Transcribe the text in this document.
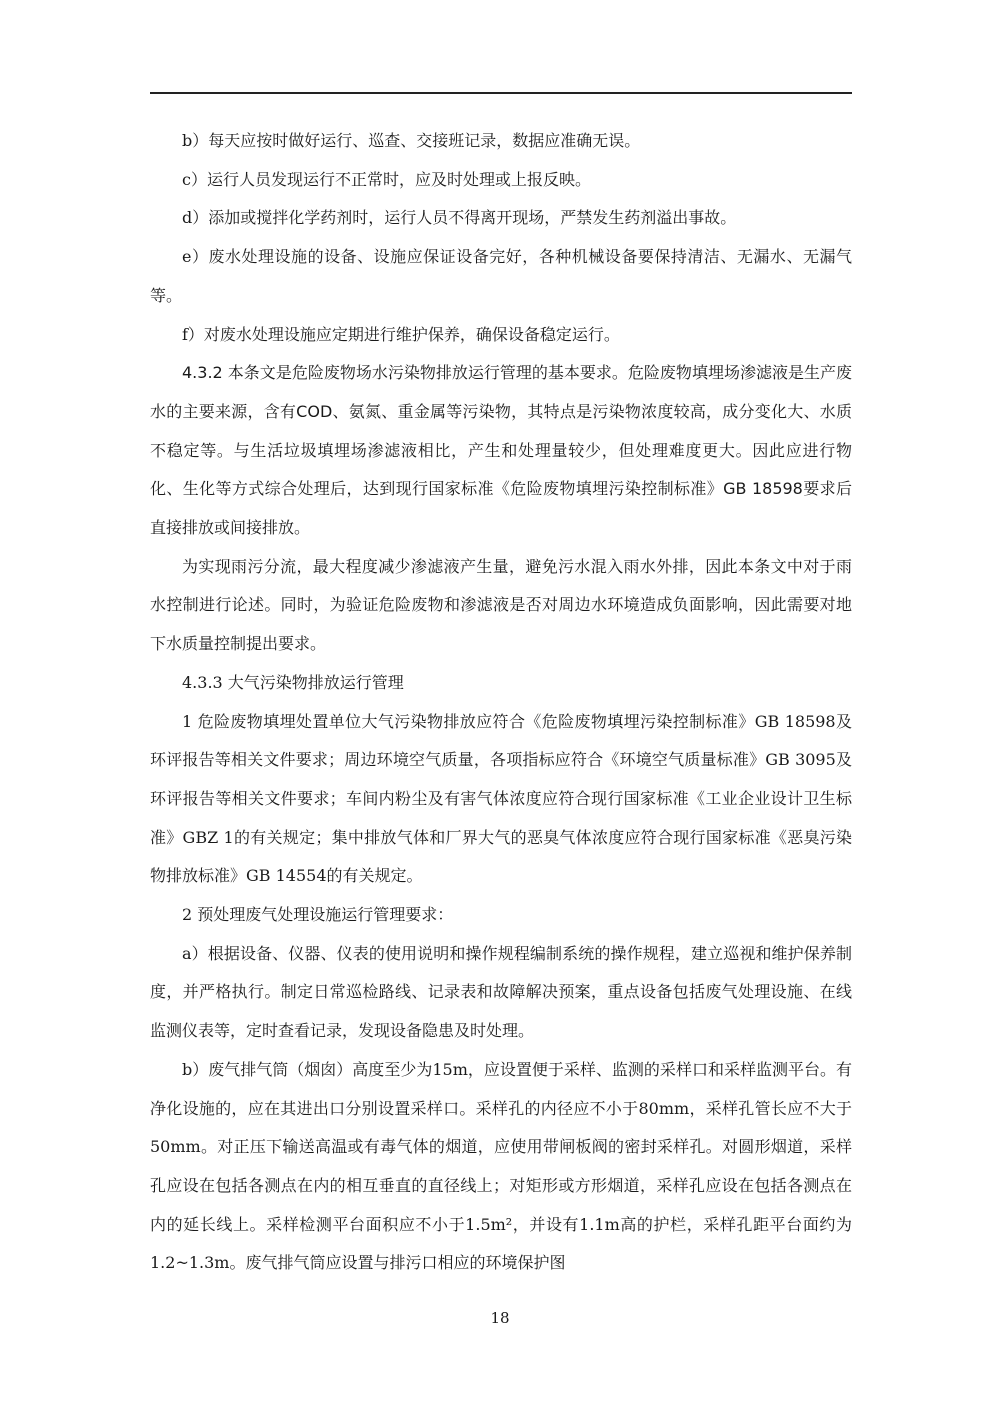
b）每天应按时做好运行、巡查、交接班记录，数据应准确无误。

c）运行人员发现运行不正常时，应及时处理或上报反映。

d）添加或搅拌化学药剂时，运行人员不得离开现场，严禁发生药剂溢出事故。

e）废水处理设施的设备、设施应保证设备完好，各种机械设备要保持清洁、无漏水、无漏气等。

f）对废水处理设施应定期进行维护保养，确保设备稳定运行。

4.3.2 本条文是危险废物场水污染物排放运行管理的基本要求。危险废物填埋场渗滤液是生产废水的主要来源，含有COD、氨氮、重金属等污染物，其特点是污染物浓度较高，成分变化大、水质不稳定等。与生活垃圾填埋场渗滤液相比，产生和处理量较少，但处理难度更大。因此应进行物化、生化等方式综合处理后，达到现行国家标准《危险废物填埋污染控制标准》GB 18598要求后直接排放或间接排放。

为实现雨污分流，最大程度减少渗滤液产生量，避免污水混入雨水外排，因此本条文中对于雨水控制进行论述。同时，为验证危险废物和渗滤液是否对周边水环境造成负面影响，因此需要对地下水质量控制提出要求。

4.3.3 大气污染物排放运行管理

1 危险废物填埋处置单位大气污染物排放应符合《危险废物填埋污染控制标准》GB 18598及环评报告等相关文件要求；周边环境空气质量，各项指标应符合《环境空气质量标准》GB 3095及环评报告等相关文件要求；车间内粉尘及有害气体浓度应符合现行国家标准《工业企业设计卫生标准》GBZ 1的有关规定；集中排放气体和厂界大气的恶臭气体浓度应符合现行国家标准《恶臭污染物排放标准》GB 14554的有关规定。

2 预处理废气处理设施运行管理要求：

a）根据设备、仪器、仪表的使用说明和操作规程编制系统的操作规程，建立巡视和维护保养制度，并严格执行。制定日常巡检路线、记录表和故障解决预案，重点设备包括废气处理设施、在线监测仪表等，定时查看记录，发现设备隐患及时处理。

b）废气排气筒（烟囱）高度至少为15m，应设置便于采样、监测的采样口和采样监测平台。有净化设施的，应在其进出口分别设置采样口。采样孔的内径应不小于80mm，采样孔管长应不大于50mm。对正压下输送高温或有毒气体的烟道，应使用带闸板阀的密封采样孔。对圆形烟道，采样孔应设在包括各测点在内的相互垂直的直径线上；对矩形或方形烟道，采样孔应设在包括各测点在内的延长线上。采样检测平台面积应不小于1.5m²，并设有1.1m高的护栏，采样孔距平台面约为 1.2~1.3m。废气排气筒应设置与排污口相应的环境保护图

18
